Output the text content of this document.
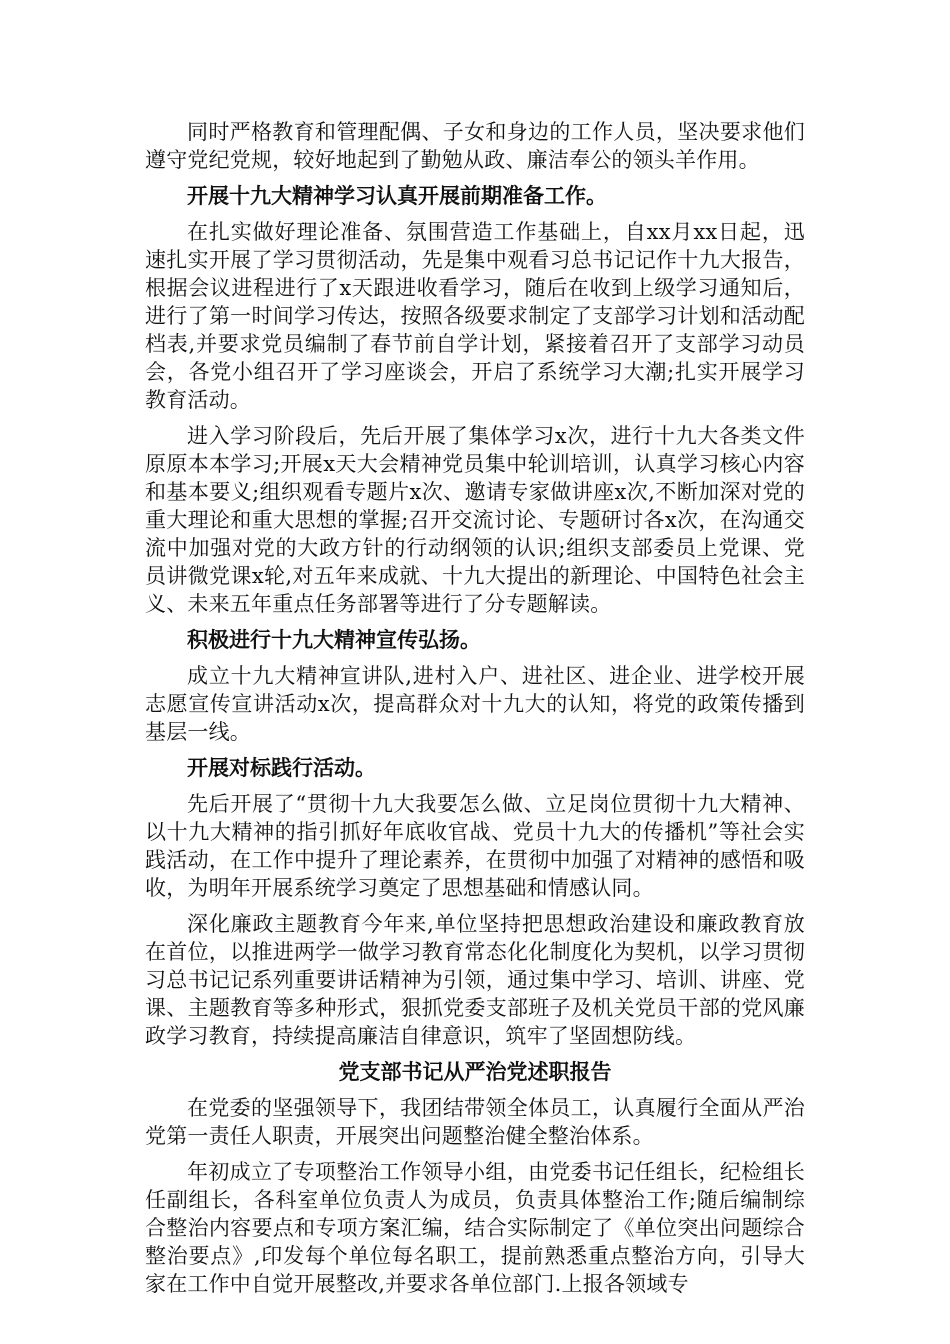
同时严格教育和管理配偶、子女和身边的工作人员，坚决要求他们遵守党纪党规，较好地起到了勤勉从政、廉洁奉公的领头羊作用。

开展十九大精神学习认真开展前期准备工作。

在扎实做好理论准备、氛围营造工作基础上，自xx月xx日起，迅速扎实开展了学习贯彻活动，先是集中观看习总书记记作十九大报告，根据会议进程进行了x天跟进收看学习，随后在收到上级学习通知后，进行了第一时间学习传达，按照各级要求制定了支部学习计划和活动配档表,并要求党员编制了春节前自学计划，紧接着召开了支部学习动员会，各党小组召开了学习座谈会，开启了系统学习大潮;扎实开展学习教育活动。

进入学习阶段后，先后开展了集体学习x次，进行十九大各类文件原原本本学习;开展x天大会精神党员集中轮训培训，认真学习核心内容和基本要义;组织观看专题片x次、邀请专家做讲座x次,不断加深对党的重大理论和重大思想的掌握;召开交流讨论、专题研讨各x次，在沟通交流中加强对党的大政方针的行动纲领的认识;组织支部委员上党课、党员讲微党课x轮,对五年来成就、十九大提出的新理论、中国特色社会主义、未来五年重点任务部署等进行了分专题解读。

积极进行十九大精神宣传弘扬。

成立十九大精神宣讲队,进村入户、进社区、进企业、进学校开展志愿宣传宣讲活动x次，提高群众对十九大的认知，将党的政策传播到基层一线。

开展对标践行活动。

先后开展了“贯彻十九大我要怎么做、立足岗位贯彻十九大精神、以十九大精神的指引抓好年底收官战、党员十九大的传播机”等社会实践活动，在工作中提升了理论素养，在贯彻中加强了对精神的感悟和吸收，为明年开展系统学习奠定了思想基础和情感认同。

深化廉政主题教育今年来,单位坚持把思想政治建设和廉政教育放在首位，以推进两学一做学习教育常态化化制度化为契机，以学习贯彻习总书记记系列重要讲话精神为引领，通过集中学习、培训、讲座、党课、主题教育等多种形式，狠抓党委支部班子及机关党员干部的党风廉政学习教育，持续提高廉洁自律意识，筑牢了坚固想防线。

党支部书记从严治党述职报告

在党委的坚强领导下，我团结带领全体员工，认真履行全面从严治党第一责任人职责，开展突出问题整治健全整治体系。

年初成立了专项整治工作领导小组，由党委书记任组长，纪检组长任副组长，各科室单位负责人为成员，负责具体整治工作;随后编制综合整治内容要点和专项方案汇编，结合实际制定了《单位突出问题综合整治要点》,印发每个单位每名职工，提前熟悉重点整治方向，引导大家在工作中自觉开展整改,并要求各单位部门.上报各领域专
